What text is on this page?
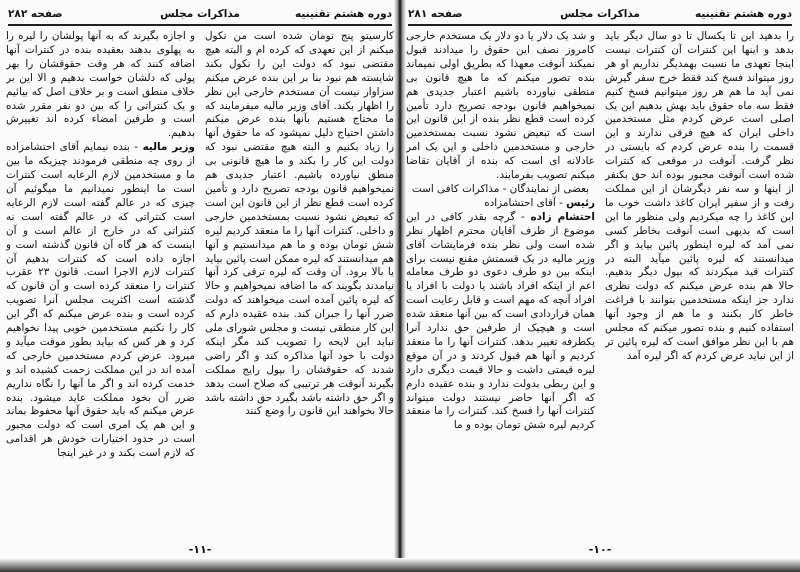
دوره هشتم تقنینیه
مذاکرات مجلس
صفحه ۲۸۲

کارسیتو پنج تومان شده است من نکول میکنم از این تعهدی که کرده ام و البته هیچ مقتضی نبود که دولت این را نکول بکند شایسته هم نبود بنا بر این بنده عرض میکنم سزاوار نیست آن مستخدم خارجی این نظر را اظهار بکند. آقای وزیر مالیه میفرمایند که ما محتاج هستیم بآنها بنده عرض میکنم داشتن احتیاج دلیل نمیشود که ما حقوق آنها را زیاد بکنیم و البته هیچ مقتضی نبود که دولت این کار را بکند و ما هیچ قانونی بی منطق نیاورده باشیم. اعتبار جدیدی هم نمیخواهیم قانون بودجه تصریح دارد و تأمین کرده است قطع نظر از این قانون این است که تبعیض نشود نسبت بمستخدمین خارجی و داخلی. کنترات آنها را ما منعقد کردیم لیره شش تومان بوده و ما هم میدانستیم و آنها هم میدانستند که لیره ممکن است پائین بیاید یا بالا برود. آن وقت که لیره ترقی کرد آنها نیامدند بگویند که ما اضافه نمیخواهیم و حالا که لیره پائین آمده است میخواهند که دولت ضرر آنها را جبران کند. بنده عقیده دارم که این کار منطقی نیست و مجلس شورای ملی نباید این لایحه را تصویب کند مگر اینکه دولت با خود آنها مذاکره کند و اگر راضی شدند که حقوقشان را بپول رایج مملکت بگیرند آنوقت هر ترتیبی که صلاح است بدهد و اگر حق داشته باشد بگیرد حق داشته باشد حالا بخواهند این قانون را وضع کنند

و اجازه بگیرند که به آنها پولشان را لیره را به پهلوی بدهند بعقیده بنده در کنترات آنها اضافه کنند که هر وقت حقوقشان را بهر پولی که دلشان خواست بدهیم و الا این بر خلاف منطق است و بر خلاف اصل که بیائیم و یک کنتراتی را که بین دو نفر مقرر شده است و طرفین امضاء کرده اند تغییرش بدهیم.

وزیر مالیه - بنده نیمایم آقای احتشامزاده از روی چه منطقی فرمودند چیزیکه ما بین ما و مستخدمین لازم الرعایه است کنترات است ما اینطور نمیدانیم ما میگوئیم آن چیزی که در عالم گفته است لازم الرعایه است کنتراتی که در عالم گفته است نه کنتراتی که در خارج از عالم است و آن اینست که هر گاه آن قانون گذشته است و اجازه داده است که کنترات بدهیم آن کنترات لازم الاجرا است. قانون ۲۳ عقرب کنترات را منعقد کرده است و آن قانون که گذشته است اکثریت مجلس آنرا تصویب کرده است و بنده عرض میکنم که اگر این کار را نکنیم مستخدمین خوبی پیدا نخواهیم کرد و هر کس که بیاید بطور موقت میآید و میرود. عرض کردم مستخدمین خارجی که آمده اند در این مملکت زحمت کشیده اند و خدمت کرده اند و اگر ما آنها را نگاه نداریم ضرر آن بخود مملکت عاید میشود. بنده عرض میکنم که باید حقوق آنها محفوظ بماند و این هم یک امری است که دولت مجبور است در حدود اختیارات خودش هر اقدامی که لازم است بکند و در غیر اینجا

-۱۱-
دوره هشتم تقنینیه
مذاکرات مجلس
صفحه ۲۸۱

را بدهید این تا یکسال تا دو سال دیگر باید بدهد و اینها این کنترات آن کنترات نیست اینجا تعهدی ما نسبت بهمدیگر نداریم او هر روز میتواند فسخ کند فقط خرج سفر گیرش نمی آید ما هم هر روز میتوانیم فسخ کنیم فقط سه ماه حقوق باید بهش بدهیم این یک اصلی است عرض کردم مثل مستخدمین داخلی ایران که هیچ فرقی ندارند و این قسمت را بنده عرض کردم که بایستی در نظر گرفت. آنوقت در موقعی که کنترات شده است آنوقت مجبور بوده اند حق بکنفر از اینها و سه نفر دیگرشان از این مملکت رفت و از سفیر ایران کاغذ داشت خوب ما این کاغذ را چه میکردیم ولی منظور ما این است که بدیهی است آنوقت بخاطر کسی نمی آمد که لیره اینطور پائین بیاید و اگر میدانستند که لیره پائین میآید البته در کنترات قید میکردند که بپول دیگر بدهیم. حالا هم بنده عرض میکنم که دولت نظری ندارد جز اینکه مستخدمین بتوانند با فراغت خاطر کار بکنند و ما هم از وجود آنها استفاده کنیم و بنده تصور میکنم که مجلس هم با این نظر موافق است که لیره پائین تر از این نباید عرض کردم که اگر لیره آمد

و شد یک دلار یا دو دلار یک مستخدم خارجی کامروز نصف این حقوق را میدادند قبول نمیکند آنوقت معهذا که بطریق اولی نمیماند بنده تصور میکنم که ما هیچ قانون بی منطقی نیاورده باشیم اعتبار جدیدی هم نمیخواهیم قانون بودجه تصریح دارد تأمین کرده است قطع نظر بنده از این قانون این است که تبعیض نشود نسبت بمستخدمین خارجی و مستخدمین داخلی و این یک امر عادلانه ای است که بنده از آقایان تقاضا میکنم تصویب بفرمایند.

بعضی از نمایندگان - مذاکرات کافی است

رئیس - آقای احتشامزاده

احتشام زاده - گرچه بقدر کافی در این موضوع از طرف آقایان محترم اظهار نظر شده است ولی نظر بنده فرمایشات آقای وزیر مالیه در یک قسمتش مقنع نیست برای اینکه بین دو طرف دعوی دو طرف معامله اعم از اینکه افراد باشند یا دولت با افراد یا افراد آنچه که مهم است و قابل رعایت است همان قراردادی است که بین آنها منعقد شده است و هیچیک از طرفین حق ندارد آنرا یکطرفه تغییر بدهد. کنترات آنها را ما منعقد کردیم و آنها هم قبول کردند و در آن موقع لیره قیمتی داشت و حالا قیمت دیگری دارد و این ربطی بدولت ندارد و بنده عقیده دارم که اگر آنها حاضر نیستند دولت میتواند کنترات آنها را فسخ کند. کنترات را ما منعقد کردیم لیره شش تومان بوده و ما

-۱۰-
